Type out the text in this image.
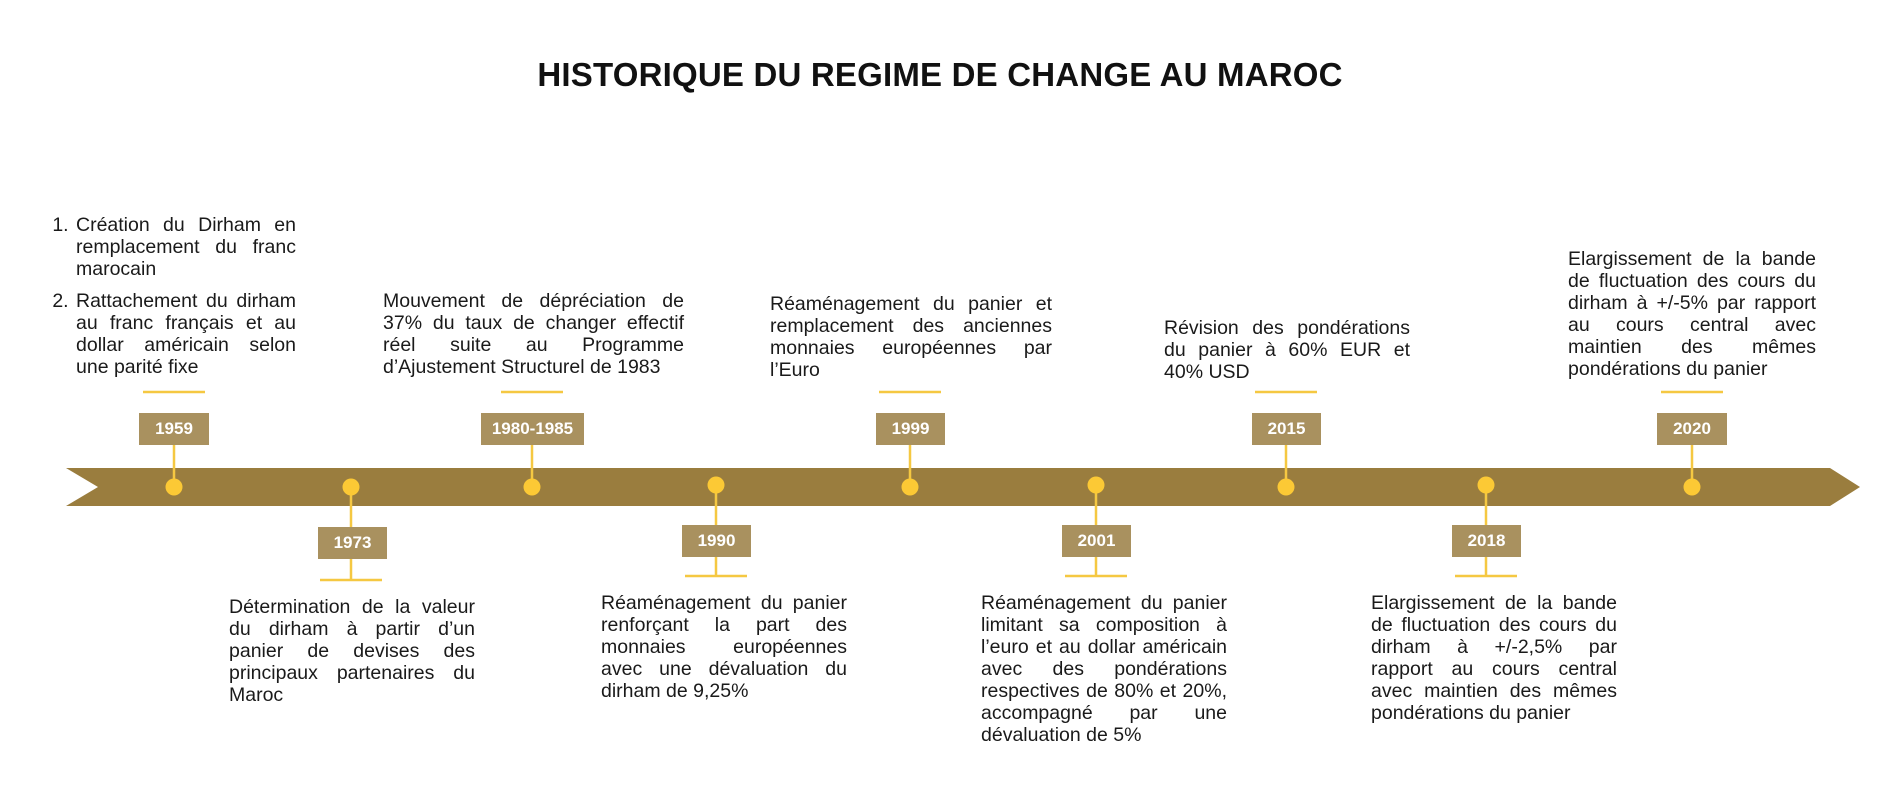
HISTORIQUE DU REGIME DE CHANGE AU MAROC
1959
1973
1980-1985
1990
1999
2001
2015
2018
2020
1. Création du Dirham en remplacement du franc marocain
2. Rattachement du dirham au franc français et au dollar américain selon une parité fixe

Détermination de la valeur du dirham à partir d’un panier de devises des principaux partenaires du Maroc

Mouvement de dépréciation de 37% du taux de changer effectif réel suite au Programme d’Ajustement Structurel de 1983

Réaménagement du panier renforçant la part des monnaies européennes avec une dévaluation du dirham de 9,25%

Réaménagement du panier et remplacement des anciennes monnaies européennes par l’Euro

Réaménagement du panier limitant sa composition à l’euro et au dollar américain avec des pondérations respectives de 80% et 20%, accompagné par une dévaluation de 5%

Révision des pondérations du panier à 60% EUR et 40% USD

Elargissement de la bande de fluctuation des cours du dirham à +/-2,5% par rapport au cours central avec maintien des mêmes pondérations du panier

Elargissement de la bande de fluctuation des cours du dirham à +/-5% par rapport au cours central avec maintien des mêmes pondérations du panier
